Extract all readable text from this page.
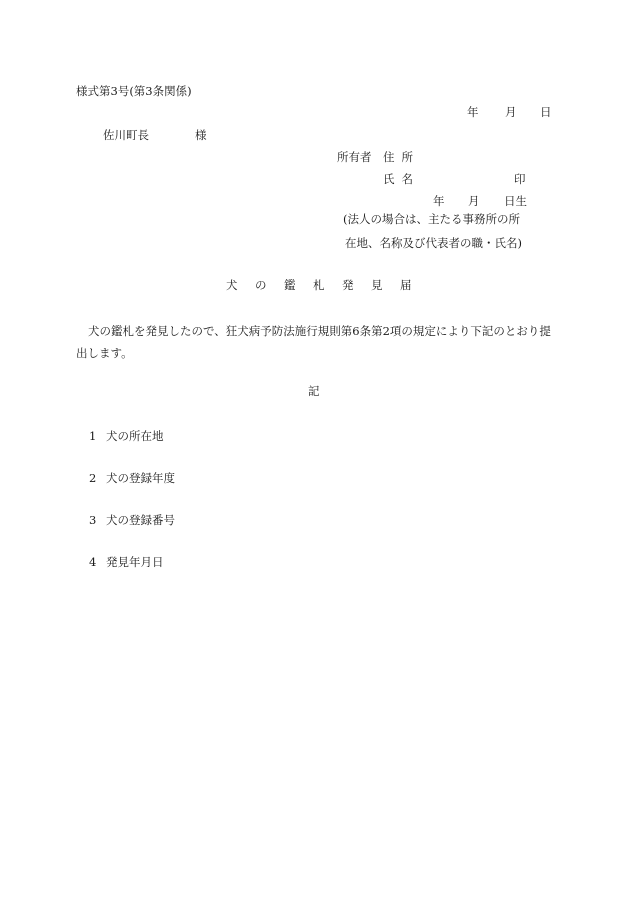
様式第3号(第3条関係)
年 月 日
佐川町長	様
所有者 住所
氏名	印
年 月 日生
(法人の場合は、主たる事務所の所
在地、名称及び代表者の職・氏名)
犬 の 鑑 札 発 見 届
犬の鑑札を発見したので、狂犬病予防法施行規則第6条第2項の規定により下記のとおり提出します。
記
1 犬の所在地
2 犬の登録年度
3 犬の登録番号
4 発見年月日
